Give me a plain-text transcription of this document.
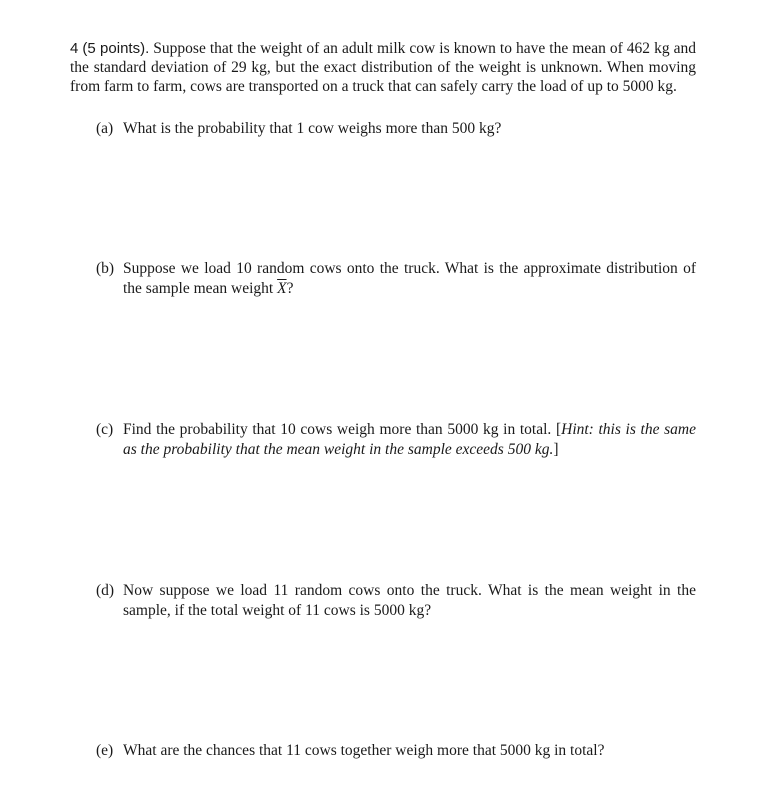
4 (5 points). Suppose that the weight of an adult milk cow is known to have the mean of 462 kg and the standard deviation of 29 kg, but the exact distribution of the weight is unknown. When moving from farm to farm, cows are transported on a truck that can safely carry the load of up to 5000 kg.
(a) What is the probability that 1 cow weighs more than 500 kg?
(b) Suppose we load 10 random cows onto the truck. What is the approximate distribution of the sample mean weight $\overline{X}$?
(c) Find the probability that 10 cows weigh more than 5000 kg in total. [Hint: this is the same as the probability that the mean weight in the sample exceeds 500 kg.]
(d) Now suppose we load 11 random cows onto the truck. What is the mean weight in the sample, if the total weight of 11 cows is 5000 kg?
(e) What are the chances that 11 cows together weigh more that 5000 kg in total?
